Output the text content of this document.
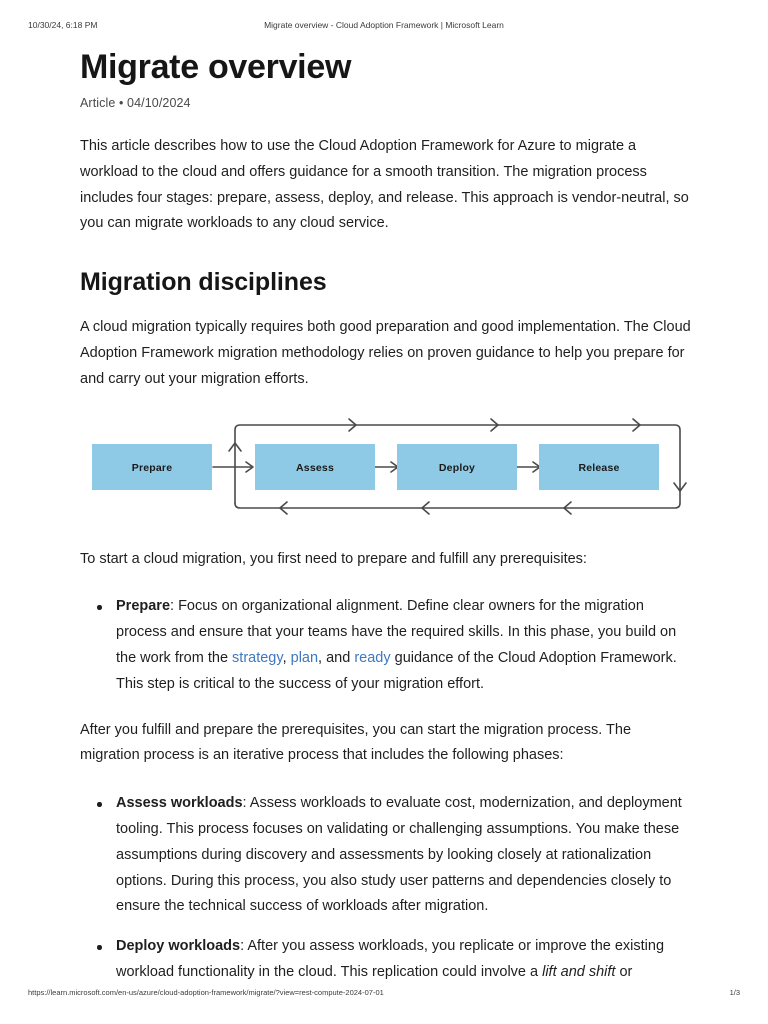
10/30/24, 6:18 PM	Migrate overview - Cloud Adoption Framework | Microsoft Learn
Migrate overview
Article • 04/10/2024

This article describes how to use the Cloud Adoption Framework for Azure to migrate a workload to the cloud and offers guidance for a smooth transition. The migration process includes four stages: prepare, assess, deploy, and release. This approach is vendor-neutral, so you can migrate workloads to any cloud service.

Migration disciplines

A cloud migration typically requires both good preparation and good implementation. The Cloud Adoption Framework migration methodology relies on proven guidance to help you prepare for and carry out your migration efforts.

Prepare	Assess	Deploy	Release

To start a cloud migration, you first need to prepare and fulfill any prerequisites:

Prepare: Focus on organizational alignment. Define clear owners for the migration process and ensure that your teams have the required skills. In this phase, you build on the work from the strategy, plan, and ready guidance of the Cloud Adoption Framework. This step is critical to the success of your migration effort.

After you fulfill and prepare the prerequisites, you can start the migration process. The migration process is an iterative process that includes the following phases:

Assess workloads: Assess workloads to evaluate cost, modernization, and deployment tooling. This process focuses on validating or challenging assumptions. You make these assumptions during discovery and assessments by looking closely at rationalization options. During this process, you also study user patterns and dependencies closely to ensure the technical success of workloads after migration.
Deploy workloads: After you assess workloads, you replicate or improve the existing workload functionality in the cloud. This replication could involve a lift and shift or
https://learn.microsoft.com/en-us/azure/cloud-adoption-framework/migrate/?view=rest-compute-2024-07-01	1/3
